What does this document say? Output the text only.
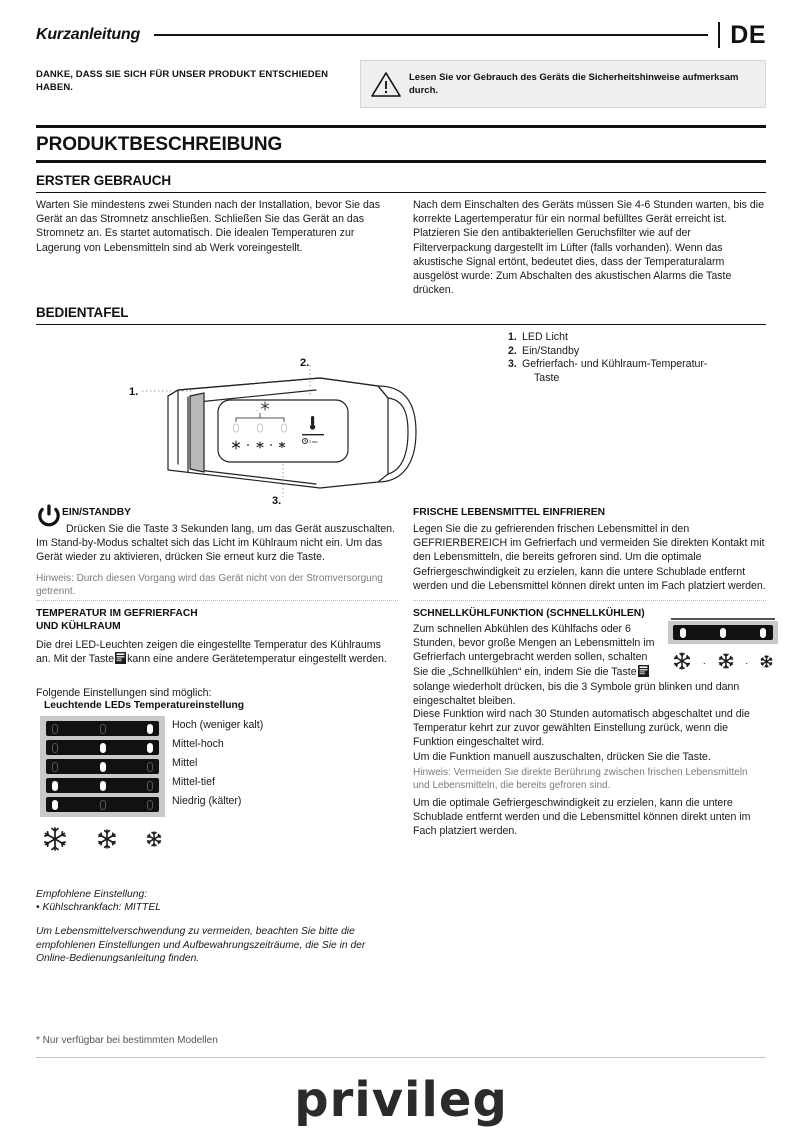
Kurzanleitung	DE
DANKE, DASS SIE SICH FÜR UNSER PRODUKT ENTSCHIEDEN HABEN.
Lesen Sie vor Gebrauch des Geräts die Sicherheitshinweise aufmerksam durch.
PRODUKTBESCHREIBUNG
ERSTER GEBRAUCH
Warten Sie mindestens zwei Stunden nach der Installation, bevor Sie das Gerät an das Stromnetz anschließen. Schließen Sie das Gerät an das Stromnetz an. Es startet automatisch. Die idealen Temperaturen zur Lagerung von Lebensmitteln sind ab Werk voreingestellt.
Nach dem Einschalten des Geräts müssen Sie 4-6 Stunden warten, bis die korrekte Lagertemperatur für ein normal befülltes Gerät erreicht ist. Platzieren Sie den antibakteriellen Geruchsfilter wie auf der Filterverpackung dargestellt im Lüfter (falls vorhanden). Wenn das akustische Signal ertönt, bedeutet dies, dass der Temperaturalarm ausgelöst wurde: Zum Abschalten des akustischen Alarms die Taste drücken.
BEDIENTAFEL
1. LED Licht
2. Ein/Standby
3. Gefrierfach- und Kühlraum-Temperatur-
Taste
2.
1.
3.
-
3 sec.
EIN/STANDBY
Drücken Sie die Taste 3 Sekunden lang, um das Gerät auszuschalten. Im Stand-by-Modus schaltet sich das Licht im Kühlraum nicht ein. Um das Gerät wieder zu aktivieren, drücken Sie erneut kurz die Taste.
Hinweis: Durch diesen Vorgang wird das Gerät nicht von der Stromversorgung getrennt.
TEMPERATUR IM GEFRIERFACH
UND KÜHLRAUM
Die drei LED-Leuchten zeigen die eingestellte Temperatur des Kühlraums an. Mit der Taste kann eine andere Gerätetemperatur eingestellt werden.
Folgende Einstellungen sind möglich:
Leuchtende LEDs Temperatureinstellung
Hoch (weniger kalt)
Mittel-hoch
Mittel
Mittel-tief
Niedrig (kälter)
Empfohlene Einstellung:
• Kühlschrankfach: MITTEL
Um Lebensmittelverschwendung zu vermeiden, beachten Sie bitte die empfohlenen Einstellungen und Aufbewahrungszeiträume, die Sie in der Online-Bedienungsanleitung finden.
FRISCHE LEBENSMITTEL EINFRIEREN
Legen Sie die zu gefrierenden frischen Lebensmittel in den GEFRIERBEREICH im Gefrierfach und vermeiden Sie direkten Kontakt mit den Lebensmitteln, die bereits gefroren sind. Um die optimale Gefriergeschwindigkeit zu erzielen, kann die untere Schublade entfernt werden und die Lebensmittel können direkt unten im Fach platziert werden.
SCHNELLKÜHLFUNKTION (SCHNELLKÜHLEN)
Zum schnellen Abkühlen des Kühlfachs oder 6 Stunden, bevor große Mengen an Lebensmitteln im Gefrierfach untergebracht werden sollen, schalten Sie die „Schnellkühlen“ ein, indem Sie die Taste
solange wiederholt drücken, bis die 3 Symbole grün blinken und dann eingeschaltet bleiben.
·	·
Diese Funktion wird nach 30 Stunden automatisch abgeschaltet und die Temperatur kehrt zur zuvor gewählten Einstellung zurück, wenn die Funktion eingeschaltet wird.
Um die Funktion manuell auszuschalten, drücken Sie die Taste.
Hinweis: Vermeiden Sie direkte Berührung zwischen frischen Lebensmitteln und Lebensmitteln, die bereits gefroren sind.
Um die optimale Gefriergeschwindigkeit zu erzielen, kann die untere Schublade entfernt werden und die Lebensmittel können direkt unten im Fach platziert werden.
* Nur verfügbar bei bestimmten Modellen
privileg
